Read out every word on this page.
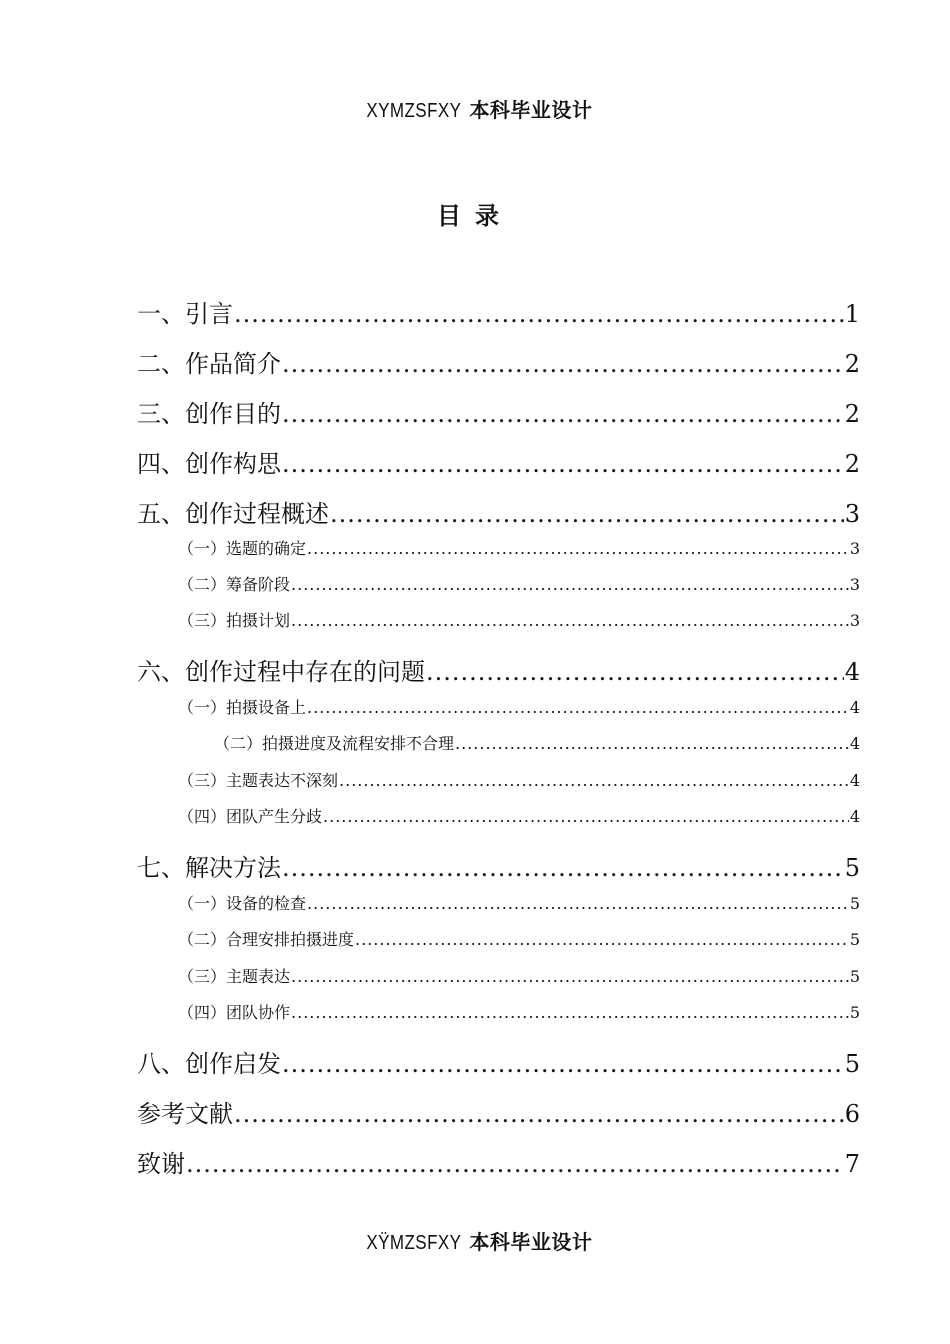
XYMZSFXY 本科毕业设计
目录
一、引言 .....	1
二、作品简介 .....	2
三、创作目的 .....	2
四、创作构思 .....	2
五、创作过程概述 .....	3
（一）选题的确定 .....	3
（二）筹备阶段 .....	3
（三）拍摄计划 .....	3
六、创作过程中存在的问题 .....	4
（一）拍摄设备上 .....	4
（二）拍摄进度及流程安排不合理 .....	4
（三）主题表达不深刻 .....	4
（四）团队产生分歧 .....	4
七、解决方法 .....	5
（一）设备的检查 .....	5
（二）合理安排拍摄进度 .....	5
（三）主题表达 .....	5
（四）团队协作 .....	5
八、创作启发 .....	5
参考文献 .....	6
致谢 .....	7
XŸMZSFXY 本科毕业设计
